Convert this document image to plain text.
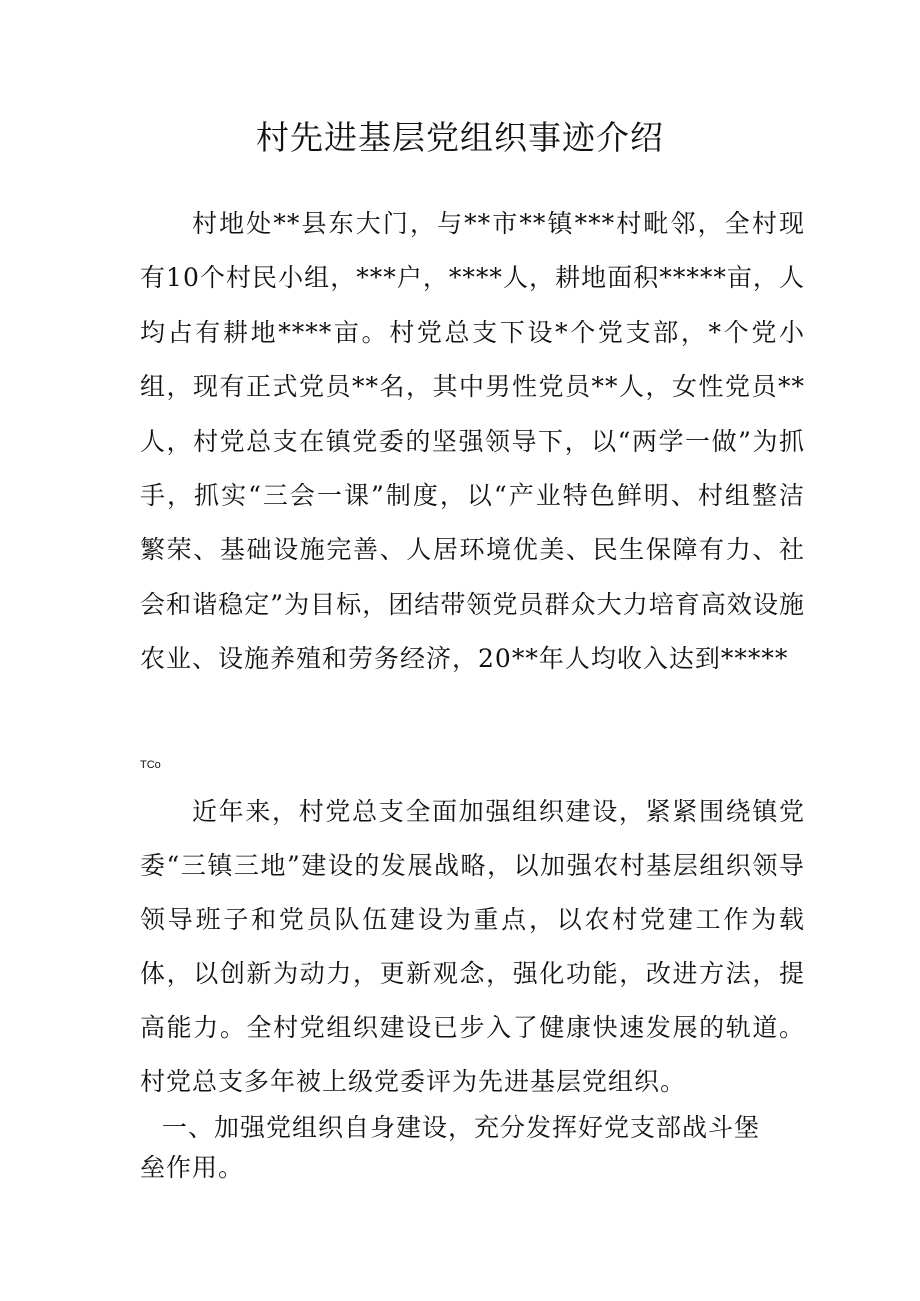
村先进基层党组织事迹介绍

村地处**县东大门，与**市**镇***村毗邻，全村现有10个村民小组，***户，****人，耕地面积*****亩，人均占有耕地****亩。村党总支下设*个党支部，*个党小组，现有正式党员**名，其中男性党员**人，女性党员**人，村党总支在镇党委的坚强领导下，以“两学一做”为抓手，抓实“三会一课”制度，以“产业特色鲜明、村组整洁繁荣、基础设施完善、人居环境优美、民生保障有力、社会和谐稳定”为目标，团结带领党员群众大力培育高效设施农业、设施养殖和劳务经济，20**年人均收入达到*****

TCo

近年来，村党总支全面加强组织建设，紧紧围绕镇党委“三镇三地”建设的发展战略，以加强农村基层组织领导领导班子和党员队伍建设为重点，以农村党建工作为载体，以创新为动力，更新观念，强化功能，改进方法，提高能力。全村党组织建设已步入了健康快速发展的轨道。村党总支多年被上级党委评为先进基层党组织。

一、加强党组织自身建设，充分发挥好党支部战斗堡垒作用。
